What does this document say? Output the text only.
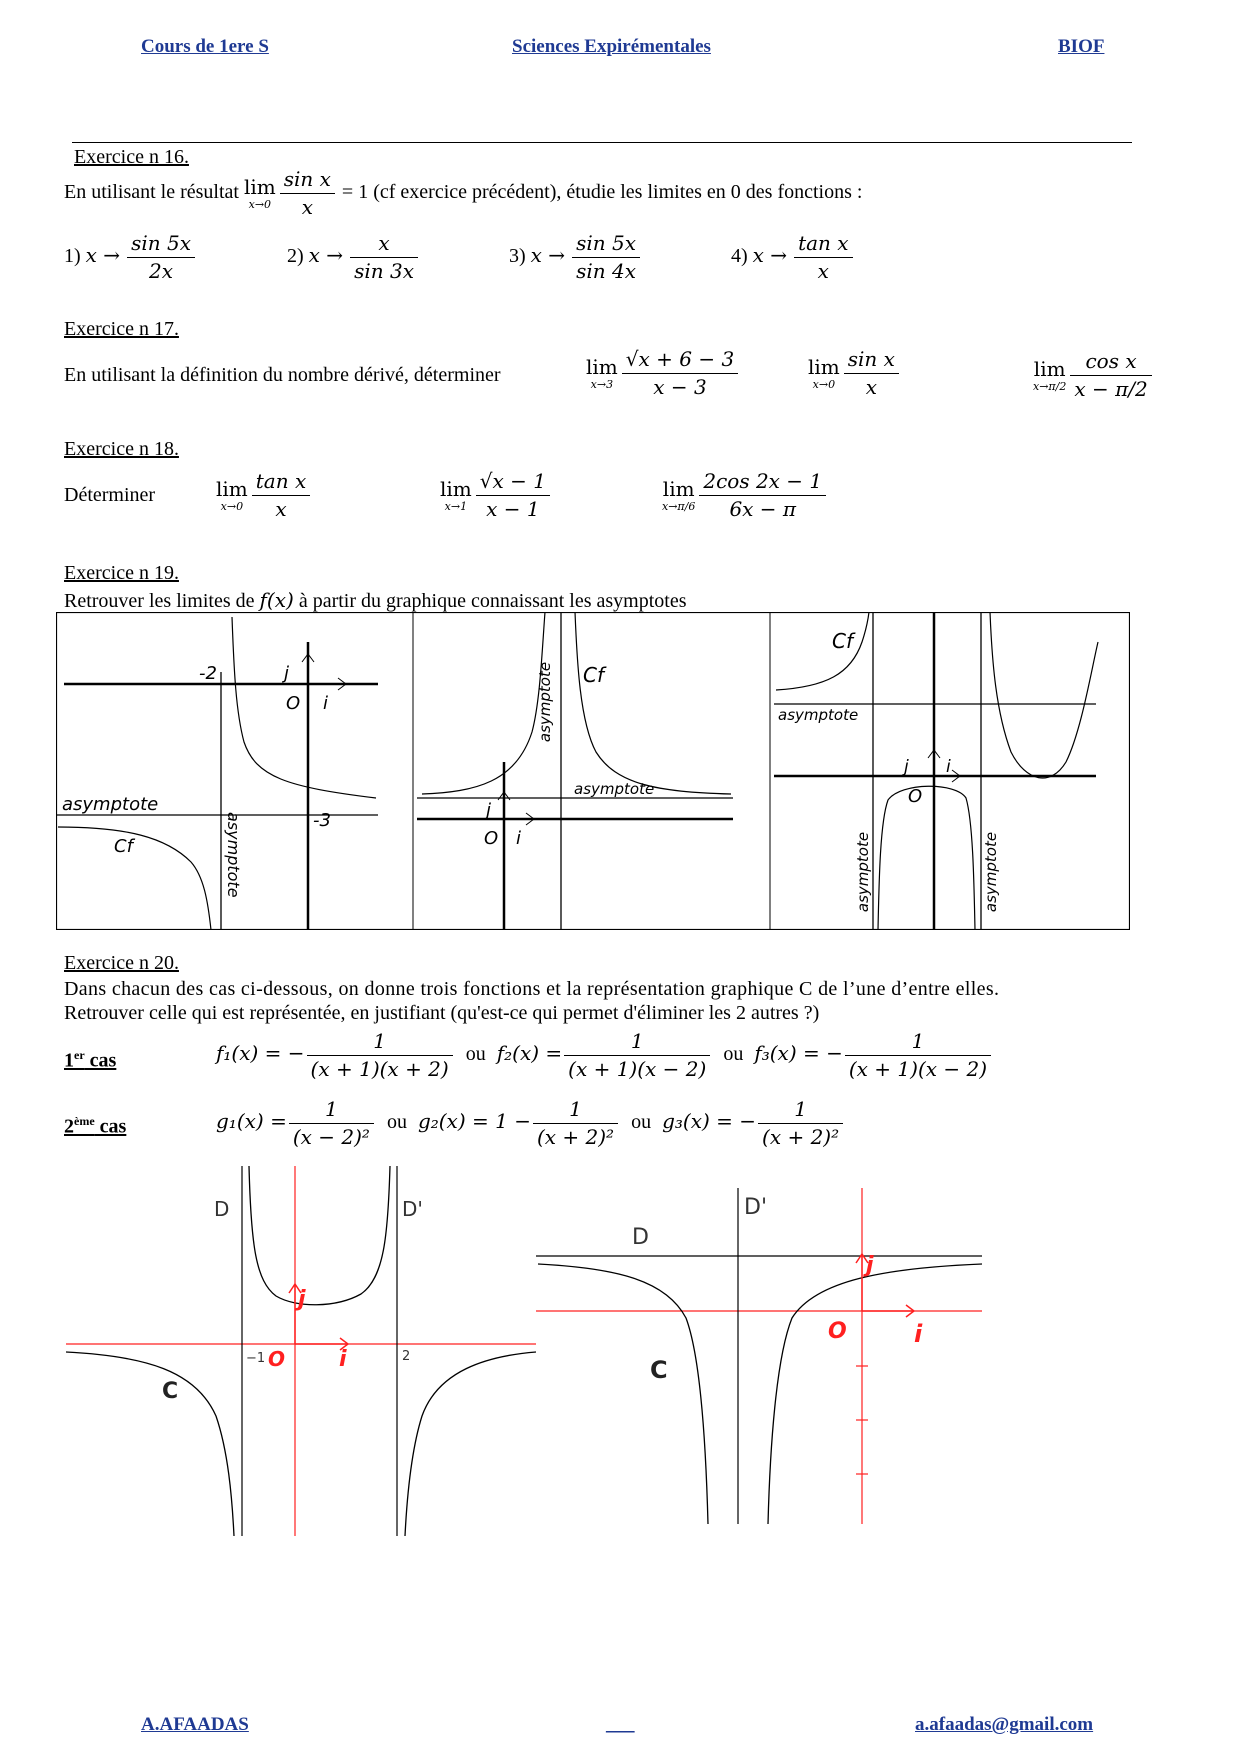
Cours de 1ere S	Sciences Expirémentales	BIOF
Exercice n 16.
En utilisant le résultat lim
$x\to 0 \frac{\text{sin x}}{x} = 1$ (cf exercice précédent), étudie les limites en 0 des fonctions :
1) $x \to \frac{\sin 5x}{2x}$	2) $x \to \frac{x}{\sin 3x}$	3) $x \to \frac{\sin 5x}{\sin 4x}$	4) $x \to \frac{\text{tan x}}{x}$
Exercice n 17.
En utilisant la définition du nombre dérivé, déterminer	lim
$x\to 3 \frac{√x + 6 - 3}{x - 3}$	lim
$x\to 0 \frac{\text{sin x}}{x}$	lim
$x\to\pi/2 \frac{\text{cos x}}{x - \pi/2}$
Exercice n 18.
Déterminer	lim
$x\to 0 \frac{\text{tan x}}{x}$	lim
$x\to 1 \frac{√x - 1}{x - 1}$	lim
$x\to\pi/6 \frac{2\cos 2x - 1}{6x - \pi}$
Exercice n 19.
Retrouver les limites de f(x) à partir du graphique connaissant les asymptotes
-2	j
i
O
asymptote
-3
Cf	asymptote
Cf
asymptote
asymptote
j
O i
Cf
asymptote
j i
O
asymptote	asymptote
Exercice n 20.
Dans chacun des cas ci-dessous, on donne trois fonctions et la représentation graphique C de l’une d’entre elles.
Retrouver celle qui est représentée, en justifiant (qu'est-ce qui permet d'éliminer les 2 autres ?)
1er cas	f₁(x) = − $\frac{1}{(x + 1)(x + 2)}$ ou $f_2(x) = \frac{1}{(x + 1)(x - 2)}$ ou f₃(x) = − $\frac{1}{(x + 1)(x - 2)}$
2ème cas	$g_1(x) = \frac{1}{\text{(x − 2)²}}$ ou $g_2(x) = 1 - \frac{1}{\text{(x + 2)²}}$ ou g₃(x) = − $\frac{1}{\text{(x + 2)²}}$
D	D'
j
−1 O i	2
C
D'
D
j
O	i
C
A.AFAADAS	___	a.afaadas@gmail.com
